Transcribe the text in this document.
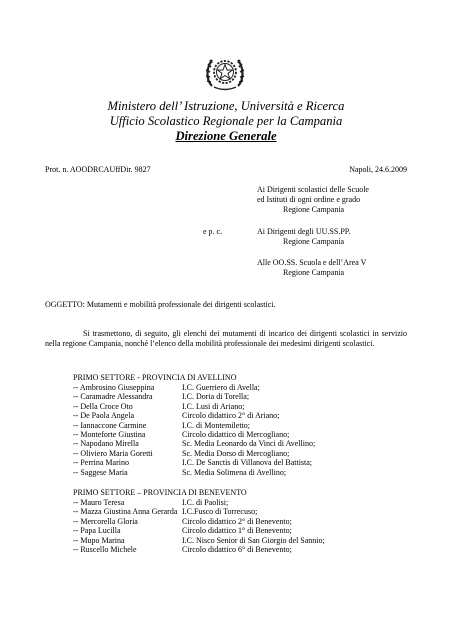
Ministero dell’ Istruzione, Università e Ricerca
Ufficio Scolastico Regionale per la Campania
Direzione Generale
Prot. n. AOODRCAUffDir. 9827	Napoli, 24.6.2009
Ai Dirigenti scolastici delle Scuole
ed Istituti di ogni ordine e grado
Regione Campania
e p. c.	Ai Dirigenti degli UU.SS.PP.
Regione Campania
Alle OO.SS. Scuola e dell’Area V
Regione Campania
OGGETTO: Mutamenti e mobilità professionale dei dirigenti scolastici.
Si trasmettono, di seguito, gli elenchi dei mutamenti di incarico dei dirigenti scolastici in servizio nella regione Campania, nonché l’elenco della mobilità professionale dei medesimi dirigenti scolastici.
PRIMO SETTORE - PROVINCIA DI AVELLINO
-- Ambrosino Giuseppina	I.C. Guerriero di Avella;
-- Caramadre Alessandra	I.C. Doria di Torella;
-- Della Croce Oto	I.C. Lusi di Ariano;
-- De Paola Angela	Circolo didattico 2° di Ariano;
-- Iannaccone Carmine	I.C. di Montemiletto;
-- Monteforte Giustina	Circolo didattico di Mercogliano;
-- Napodano Mirella	Sc. Media Leonardo da Vinci di Avellino;
-- Oliviero Maria Goretti	Sc. Media Dorso di Mercogliano;
-- Perrina Marino	I.C. De Sanctis di Villanova del Battista;
-- Saggese Maria	Sc. Media Solimena di Avellino;
PRIMO SETTORE – PROVINCIA DI BENEVENTO
-- Mauro Teresa	I.C. di Paolisi;
-- Mazza Giustina Anna Gerarda I.C.Fusco di Torrecuso;
-- Mercorella Gloria	Circolo didattico 2° di Benevento;
-- Papa Lucilla	Circolo didattico 1° di Benevento;
-- Mupo Marina	I.C. Nisco Senior di San Giorgio del Sannio;
-- Ruscello Michele	Circolo didattico 6° di Benevento;
